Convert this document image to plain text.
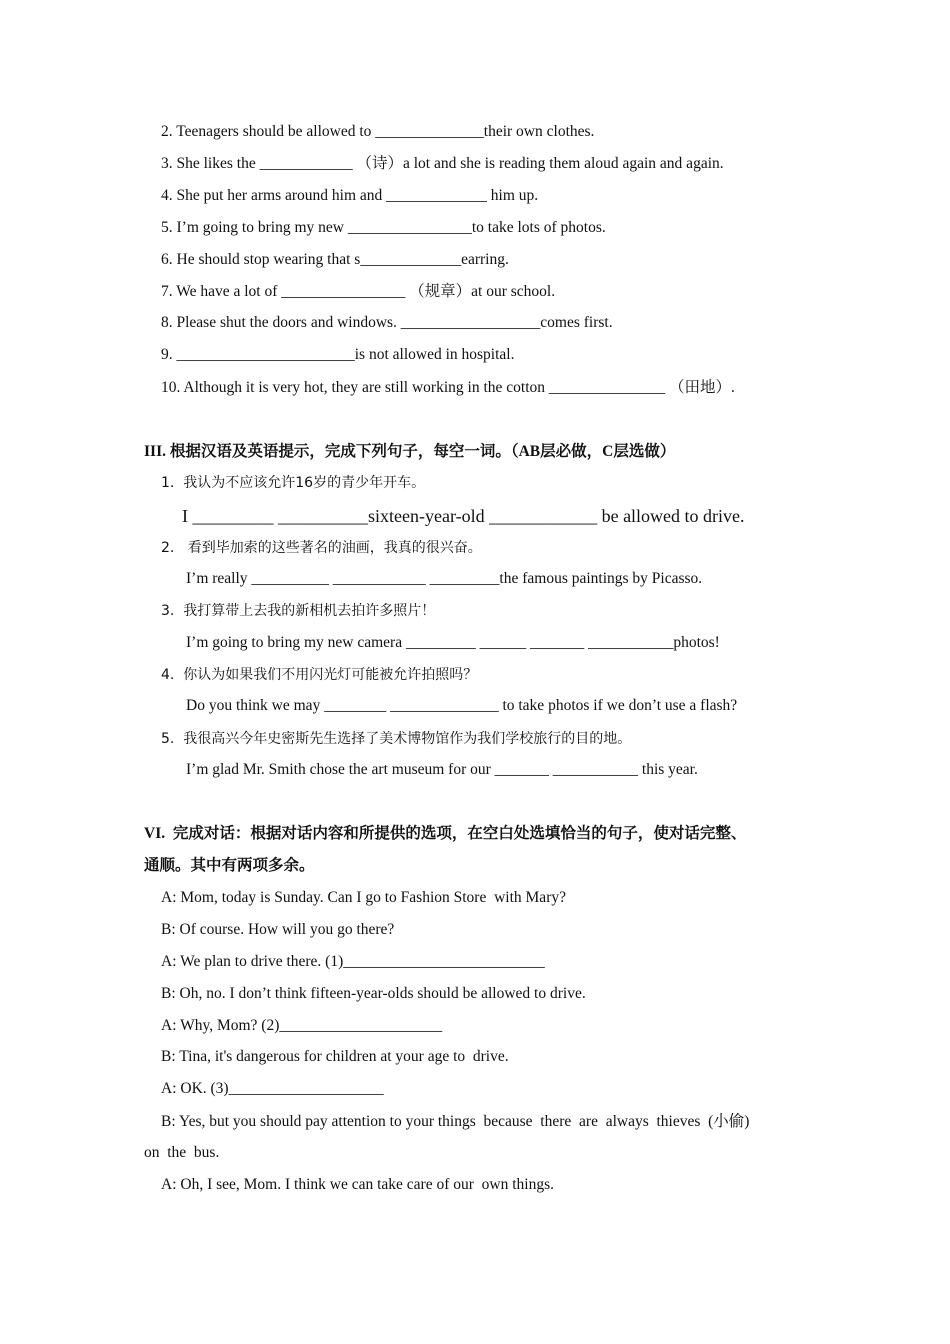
2. Teenagers should be allowed to ______________their own clothes.
3. She likes the ____________ （诗）a lot and she is reading them aloud again and again.
4. She put her arms around him and _____________ him up.
5. I’m going to bring my new ________________to take lots of photos.
6. He should stop wearing that s_____________earring.
7. We have a lot of ________________ （规章）at our school.
8. Please shut the doors and windows. __________________comes first.
9. _______________________is not allowed in hospital.
10. Although it is very hot, they are still working in the cotton _______________ （田地）.
III. 根据汉语及英语提示，完成下列句子，每空一词。（AB层必做，C层选做）
1.  我认为不应该允许16岁的青少年开车。
I _________ __________sixteen-year-old ____________ be allowed to drive.
2.   看到毕加索的这些著名的油画，我真的很兴奋。
I’m really __________ ____________ _________the famous paintings by Picasso.
3.  我打算带上去我的新相机去拍许多照片！
I’m going to bring my new camera _________ ______ _______ ___________photos!
4.  你认为如果我们不用闪光灯可能被允许拍照吗？
Do you think we may ________ ______________ to take photos if we don’t use a flash?
5.  我很高兴今年史密斯先生选择了美术博物馆作为我们学校旅行的目的地。
I’m glad Mr. Smith chose the art museum for our _______ ___________ this year.
VI.  完成对话：根据对话内容和所提供的选项，在空白处选填恰当的句子，使对话完整、
通顺。其中有两项多余。
A: Mom, today is Sunday. Can I go to Fashion Store  with Mary?
B: Of course. How will you go there?
A: We plan to drive there. (1)__________________________
B: Oh, no. I don’t think fifteen-year-olds should be allowed to drive.
A: Why, Mom? (2)_____________________
B: Tina, it's dangerous for children at your age to  drive.
A: OK. (3)____________________
B: Yes, but you should pay attention to your things  because  there  are  always  thieves  (小偷)
on  the  bus.
A: Oh, I see, Mom. I think we can take care of our  own things.
